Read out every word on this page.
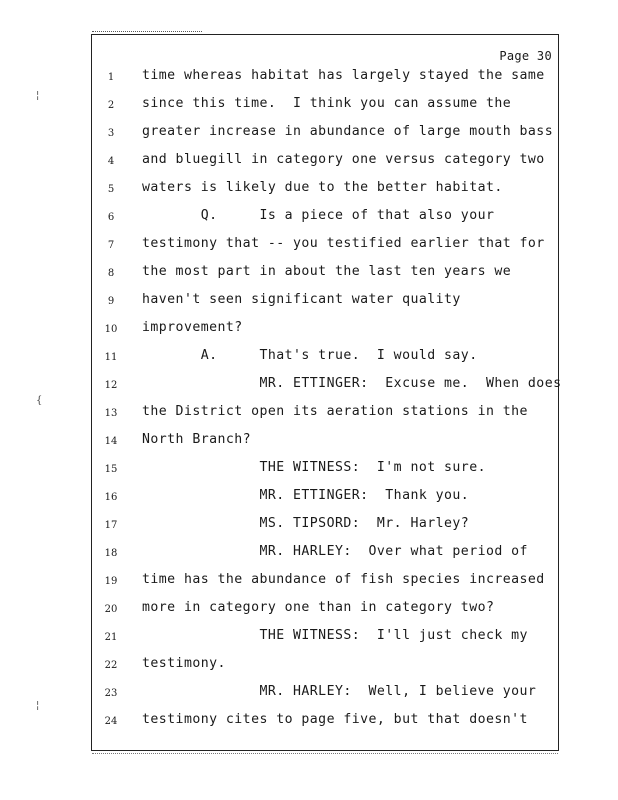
¦
{
¦
Page 30
1	time whereas habitat has largely stayed the same
2	since this time.  I think you can assume the
3	greater increase in abundance of large mouth bass
4	and bluegill in category one versus category two
5	waters is likely due to the better habitat.
6	Q.     Is a piece of that also your
7	testimony that -- you testified earlier that for
8	the most part in about the last ten years we
9	haven't seen significant water quality
10	improvement?
11	A.     That's true.  I would say.
12	MR. ETTINGER:  Excuse me.  When does
13	the District open its aeration stations in the
14	North Branch?
15	THE WITNESS:  I'm not sure.
16	MR. ETTINGER:  Thank you.
17	MS. TIPSORD:  Mr. Harley?
18	MR. HARLEY:  Over what period of
19	time has the abundance of fish species increased
20	more in category one than in category two?
21	THE WITNESS:  I'll just check my
22	testimony.
23	MR. HARLEY:  Well, I believe your
24	testimony cites to page five, but that doesn't
